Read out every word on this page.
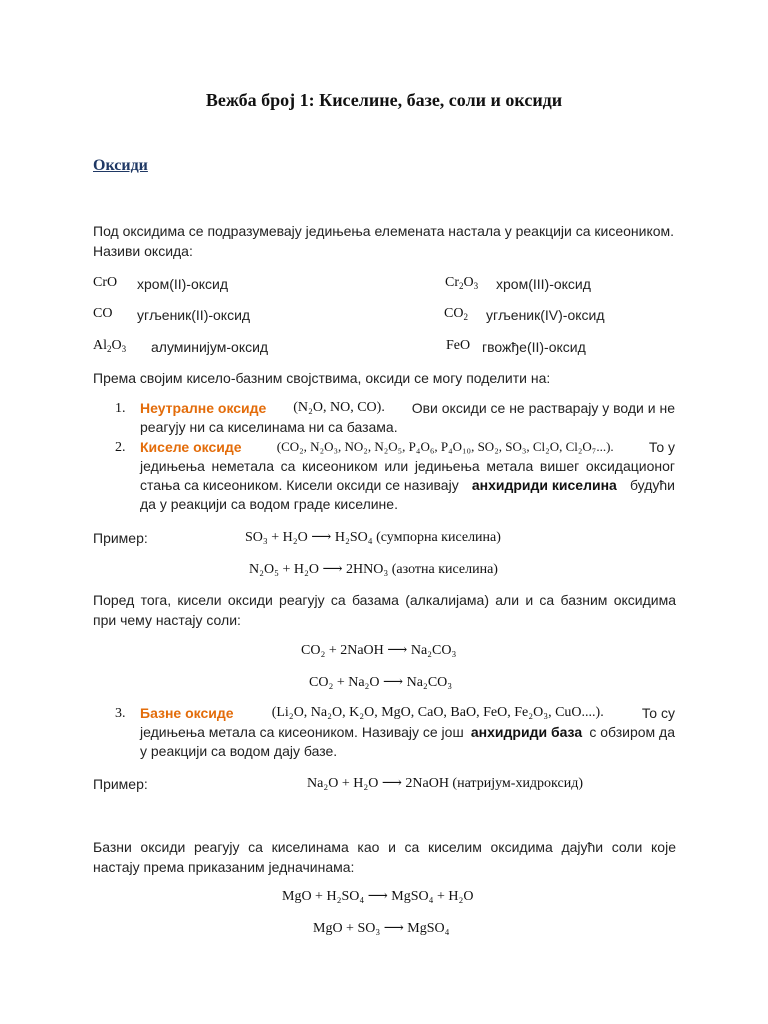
Вежба број 1: Киселине, базе, соли и оксиди
Оксиди
Под оксидима се подразумевају једињења елемената настала у реакцији са кисеоником.
Називи оксида:
CrO хром(II)-оксид	$Cr_2O_3$ хром(III)-оксид
CO угљеник(II)-оксид	$CO_2$ угљеник(IV)-оксид
$Al_2O_3$ алуминијум-оксид	FeO гвожђе(II)-оксид
Према својим кисело-базним својствима, оксиди се могу поделити на:
1. Неутралне оксиде (N₂O, NO, CO). Ови оксиди се не растварају у води и не
реагују ни са киселинама ни са базама.
2. Киселе оксиде	(CO₂, N₂O₃, NO₂, N₂O₅, P₄O₆, P₄O₁₀, SO₂, SO₃, Cl₂O, Cl₂O₇...).	То у
једињења неметала са кисеоником или једињења метала вишег оксидационог
стања са кисеоником. Кисели оксиди се називају анхидриди киселина будући
да у реакцији са водом граде киселине.
Пример:	SO₃ + H₂O ⟶ H₂SO₄ (сумпорна киселина)
N₂O₅ + H₂O ⟶ 2HNO₃ (азотна киселина)
Поред тога, кисели оксиди реагују са базама (алкалијама) али и са базним оксидима
при чему настају соли:
CO₂ + 2NaOH ⟶ Na₂CO₃
CO₂ + Na₂O ⟶ Na₂CO₃
3. Базне оксиде	(Li₂O, Na₂O, K₂O, MgO, CaO, BaO, FeO, Fe₂O₃, CuO....).	То су
једињења метала са кисеоником. Називају се још анхидриди база с обзиром да
у реакцији са водом дају базе.
Пример:	Na₂O + H₂O ⟶ 2NaOH (натријум-хидроксид)
Базни оксиди реагују са киселинама као и са киселим оксидима дајући соли које
настају према приказаним једначинама:
MgO + H₂SO₄ ⟶ MgSO₄ + H₂O
MgO + SO₃ ⟶ MgSO₄
